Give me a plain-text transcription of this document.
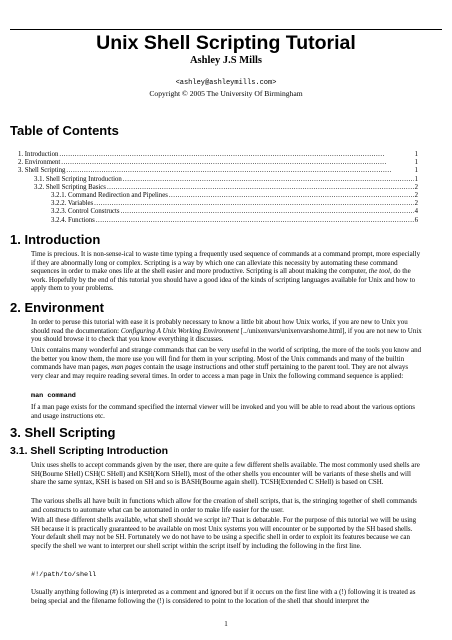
Unix Shell Scripting Tutorial
Ashley J.S Mills
<ashley@ashleymills.com>
Copyright © 2005 The University Of Birmingham
Table of Contents
1. Introduction . . .	1
2. Environment . . .	1
3. Shell Scripting . . .	1
3.1. Shell Scripting Introduction . . .	1
3.2. Shell Scripting Basics . . .	2
3.2.1. Command Redirection and Pipelines . . .	2
3.2.2. Variables . . .	2
3.2.3. Control Constructs . . .	4
3.2.4. Functions . . .	6
1. Introduction
Time is precious. It is non-sense-ical to waste time typing a frequently used sequence of commands at a command prompt, more especially if they are abnormally long or complex. Scripting is a way by which one can alleviate this necessity by automating these command sequences in order to make ones life at the shell easier and more productive. Scripting is all about making the computer, the tool, do the work. Hopefully by the end of this tutorial you should have a good idea of the kinds of scripting languages available for Unix and how to apply them to your problems.
2. Environment
In order to peruse this tutorial with ease it is probably necessary to know a little bit about how Unix works, if you are new to Unix you should read the documentation: Configuring A Unix Working Environment [../unixenvars/unixenvarshome.html], if you are not new to Unix you should browse it to check that you know everything it discusses.
Unix contains many wonderful and strange commands that can be very useful in the world of scripting, the more of the tools you know and the better you know them, the more use you will find for them in your scripting. Most of the Unix commands and many of the builtin commands have man pages, man pages contain the usage instructions and other stuff pertaining to the parent tool. They are not always very clear and may require reading several times. In order to access a man page in Unix the following command sequence is applied:
man command
If a man page exists for the command specified the internal viewer will be invoked and you will be able to read about the various options and usage instructions etc.
3. Shell Scripting
3.1. Shell Scripting Introduction
Unix uses shells to accept commands given by the user, there are quite a few different shells available. The most commonly used shells are SH(Bourne SHell) CSH(C SHell) and KSH(Korn SHell), most of the other shells you encounter will be variants of these shells and will share the same syntax, KSH is based on SH and so is BASH(Bourne again shell). TCSH(Extended C SHell) is based on CSH.
The various shells all have built in functions which allow for the creation of shell scripts, that is, the stringing together of shell commands and constructs to automate what can be automated in order to make life easier for the user.
With all these different shells available, what shell should we script in? That is debatable. For the purpose of this tutorial we will be using SH because it is practically guaranteed to be available on most Unix systems you will encounter or be supported by the SH based shells. Your default shell may not be SH. Fortunately we do not have to be using a specific shell in order to exploit its features because we can specify the shell we want to interpret our shell script within the script itself by including the following in the first line.
#!/path/to/shell
Usually anything following (#) is interpreted as a comment and ignored but if it occurs on the first line with a (!) following it is treated as being special and the filename following the (!) is considered to point to the location of the shell that should interpret the
1
